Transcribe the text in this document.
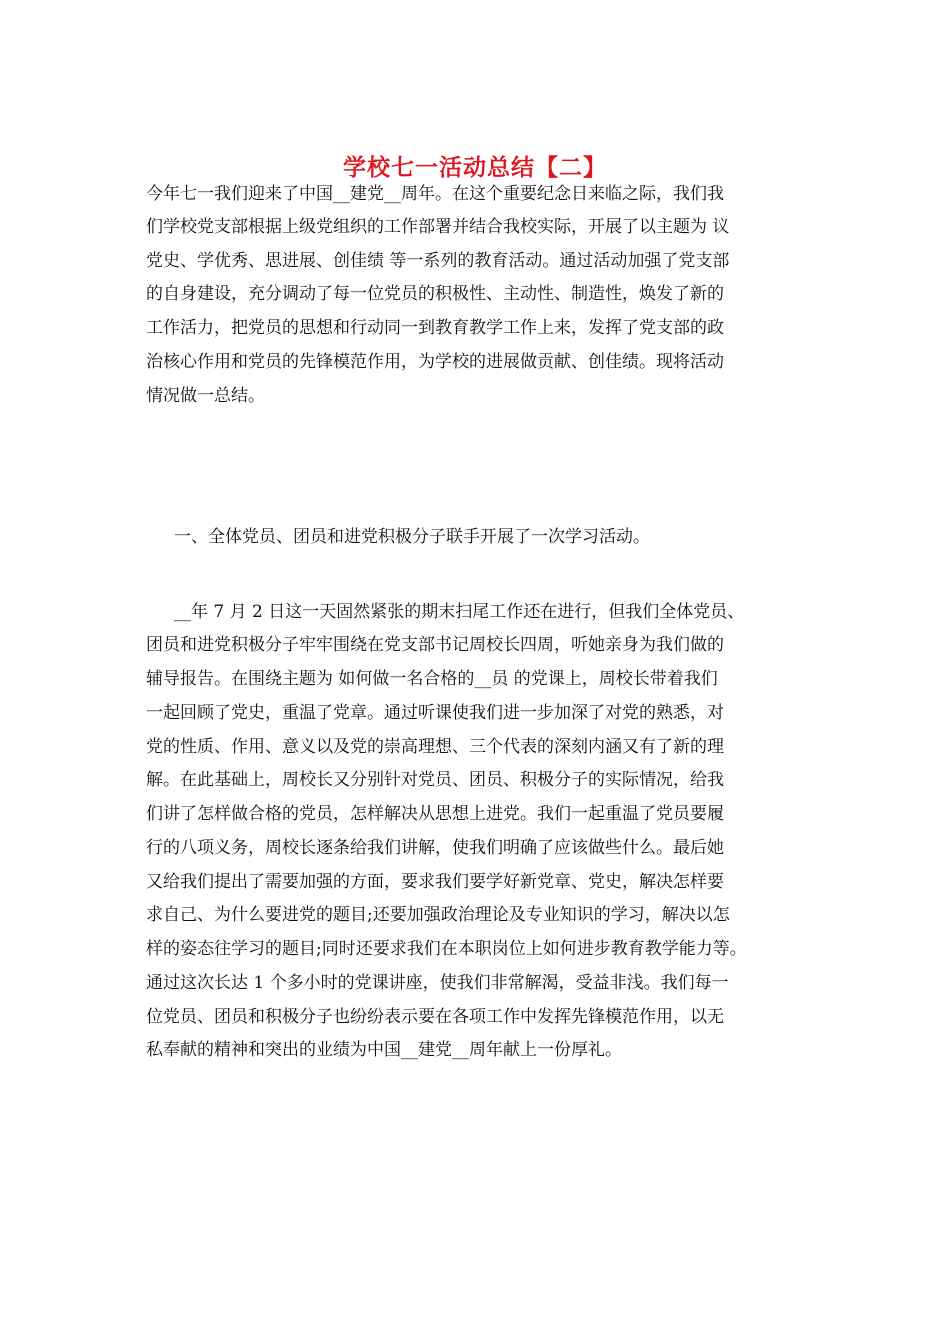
学校七一活动总结【二】
今年七一我们迎来了中国__建党__周年。在这个重要纪念日来临之际，我们我
们学校党支部根据上级党组织的工作部署并结合我校实际，开展了以主题为 议
党史、学优秀、思进展、创佳绩 等一系列的教育活动。通过活动加强了党支部
的自身建设，充分调动了每一位党员的积极性、主动性、制造性，焕发了新的
工作活力，把党员的思想和行动同一到教育教学工作上来，发挥了党支部的政
治核心作用和党员的先锋模范作用，为学校的进展做贡献、创佳绩。现将活动
情况做一总结。
一、全体党员、团员和进党积极分子联手开展了一次学习活动。
__年 7 月 2 日这一天固然紧张的期末扫尾工作还在进行，但我们全体党员、
团员和进党积极分子牢牢围绕在党支部书记周校长四周，听她亲身为我们做的
辅导报告。在围绕主题为 如何做一名合格的__员 的党课上，周校长带着我们
一起回顾了党史，重温了党章。通过听课使我们进一步加深了对党的熟悉，对
党的性质、作用、意义以及党的崇高理想、三个代表的深刻内涵又有了新的理
解。在此基础上，周校长又分别针对党员、团员、积极分子的实际情况，给我
们讲了怎样做合格的党员，怎样解决从思想上进党。我们一起重温了党员要履
行的八项义务，周校长逐条给我们讲解，使我们明确了应该做些什么。最后她
又给我们提出了需要加强的方面，要求我们要学好新党章、党史，解决怎样要
求自己、为什么要进党的题目;还要加强政治理论及专业知识的学习，解决以怎
样的姿态往学习的题目;同时还要求我们在本职岗位上如何进步教育教学能力等。
通过这次长达 1 个多小时的党课讲座，使我们非常解渴，受益非浅。我们每一
位党员、团员和积极分子也纷纷表示要在各项工作中发挥先锋模范作用，以无
私奉献的精神和突出的业绩为中国__建党__周年献上一份厚礼。
